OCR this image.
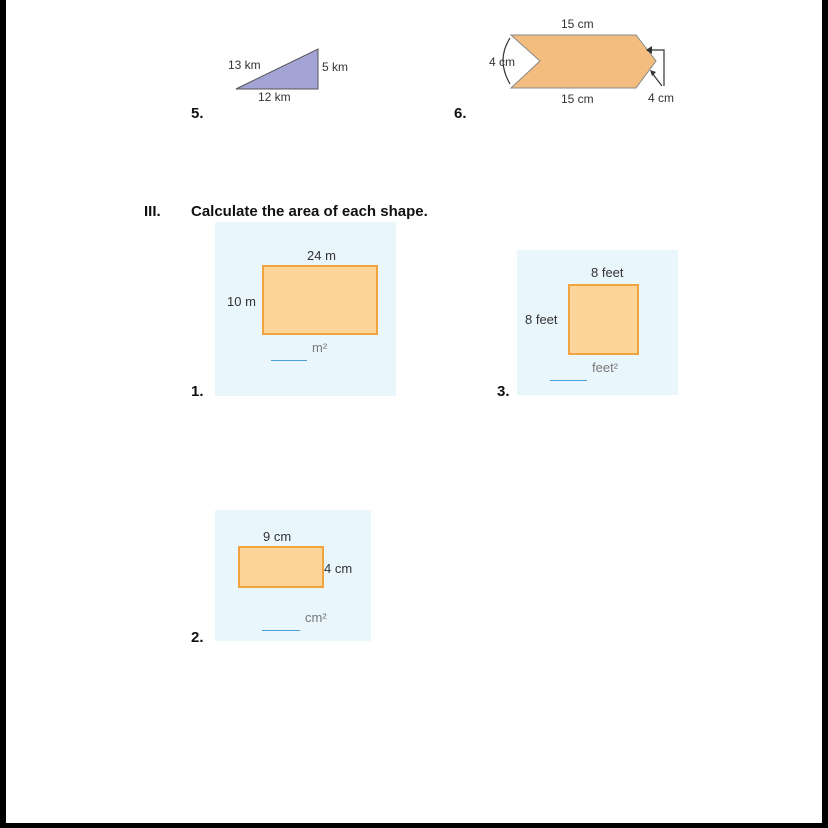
13 km	5 km
12 km
5.
15 cm
4 cm
15 cm	4 cm
6.
III. Calculate the area of each shape.
24 m
10 m
m²
1.
8 feet
8 feet
feet²
3.
9 cm
4 cm
cm²
2.
